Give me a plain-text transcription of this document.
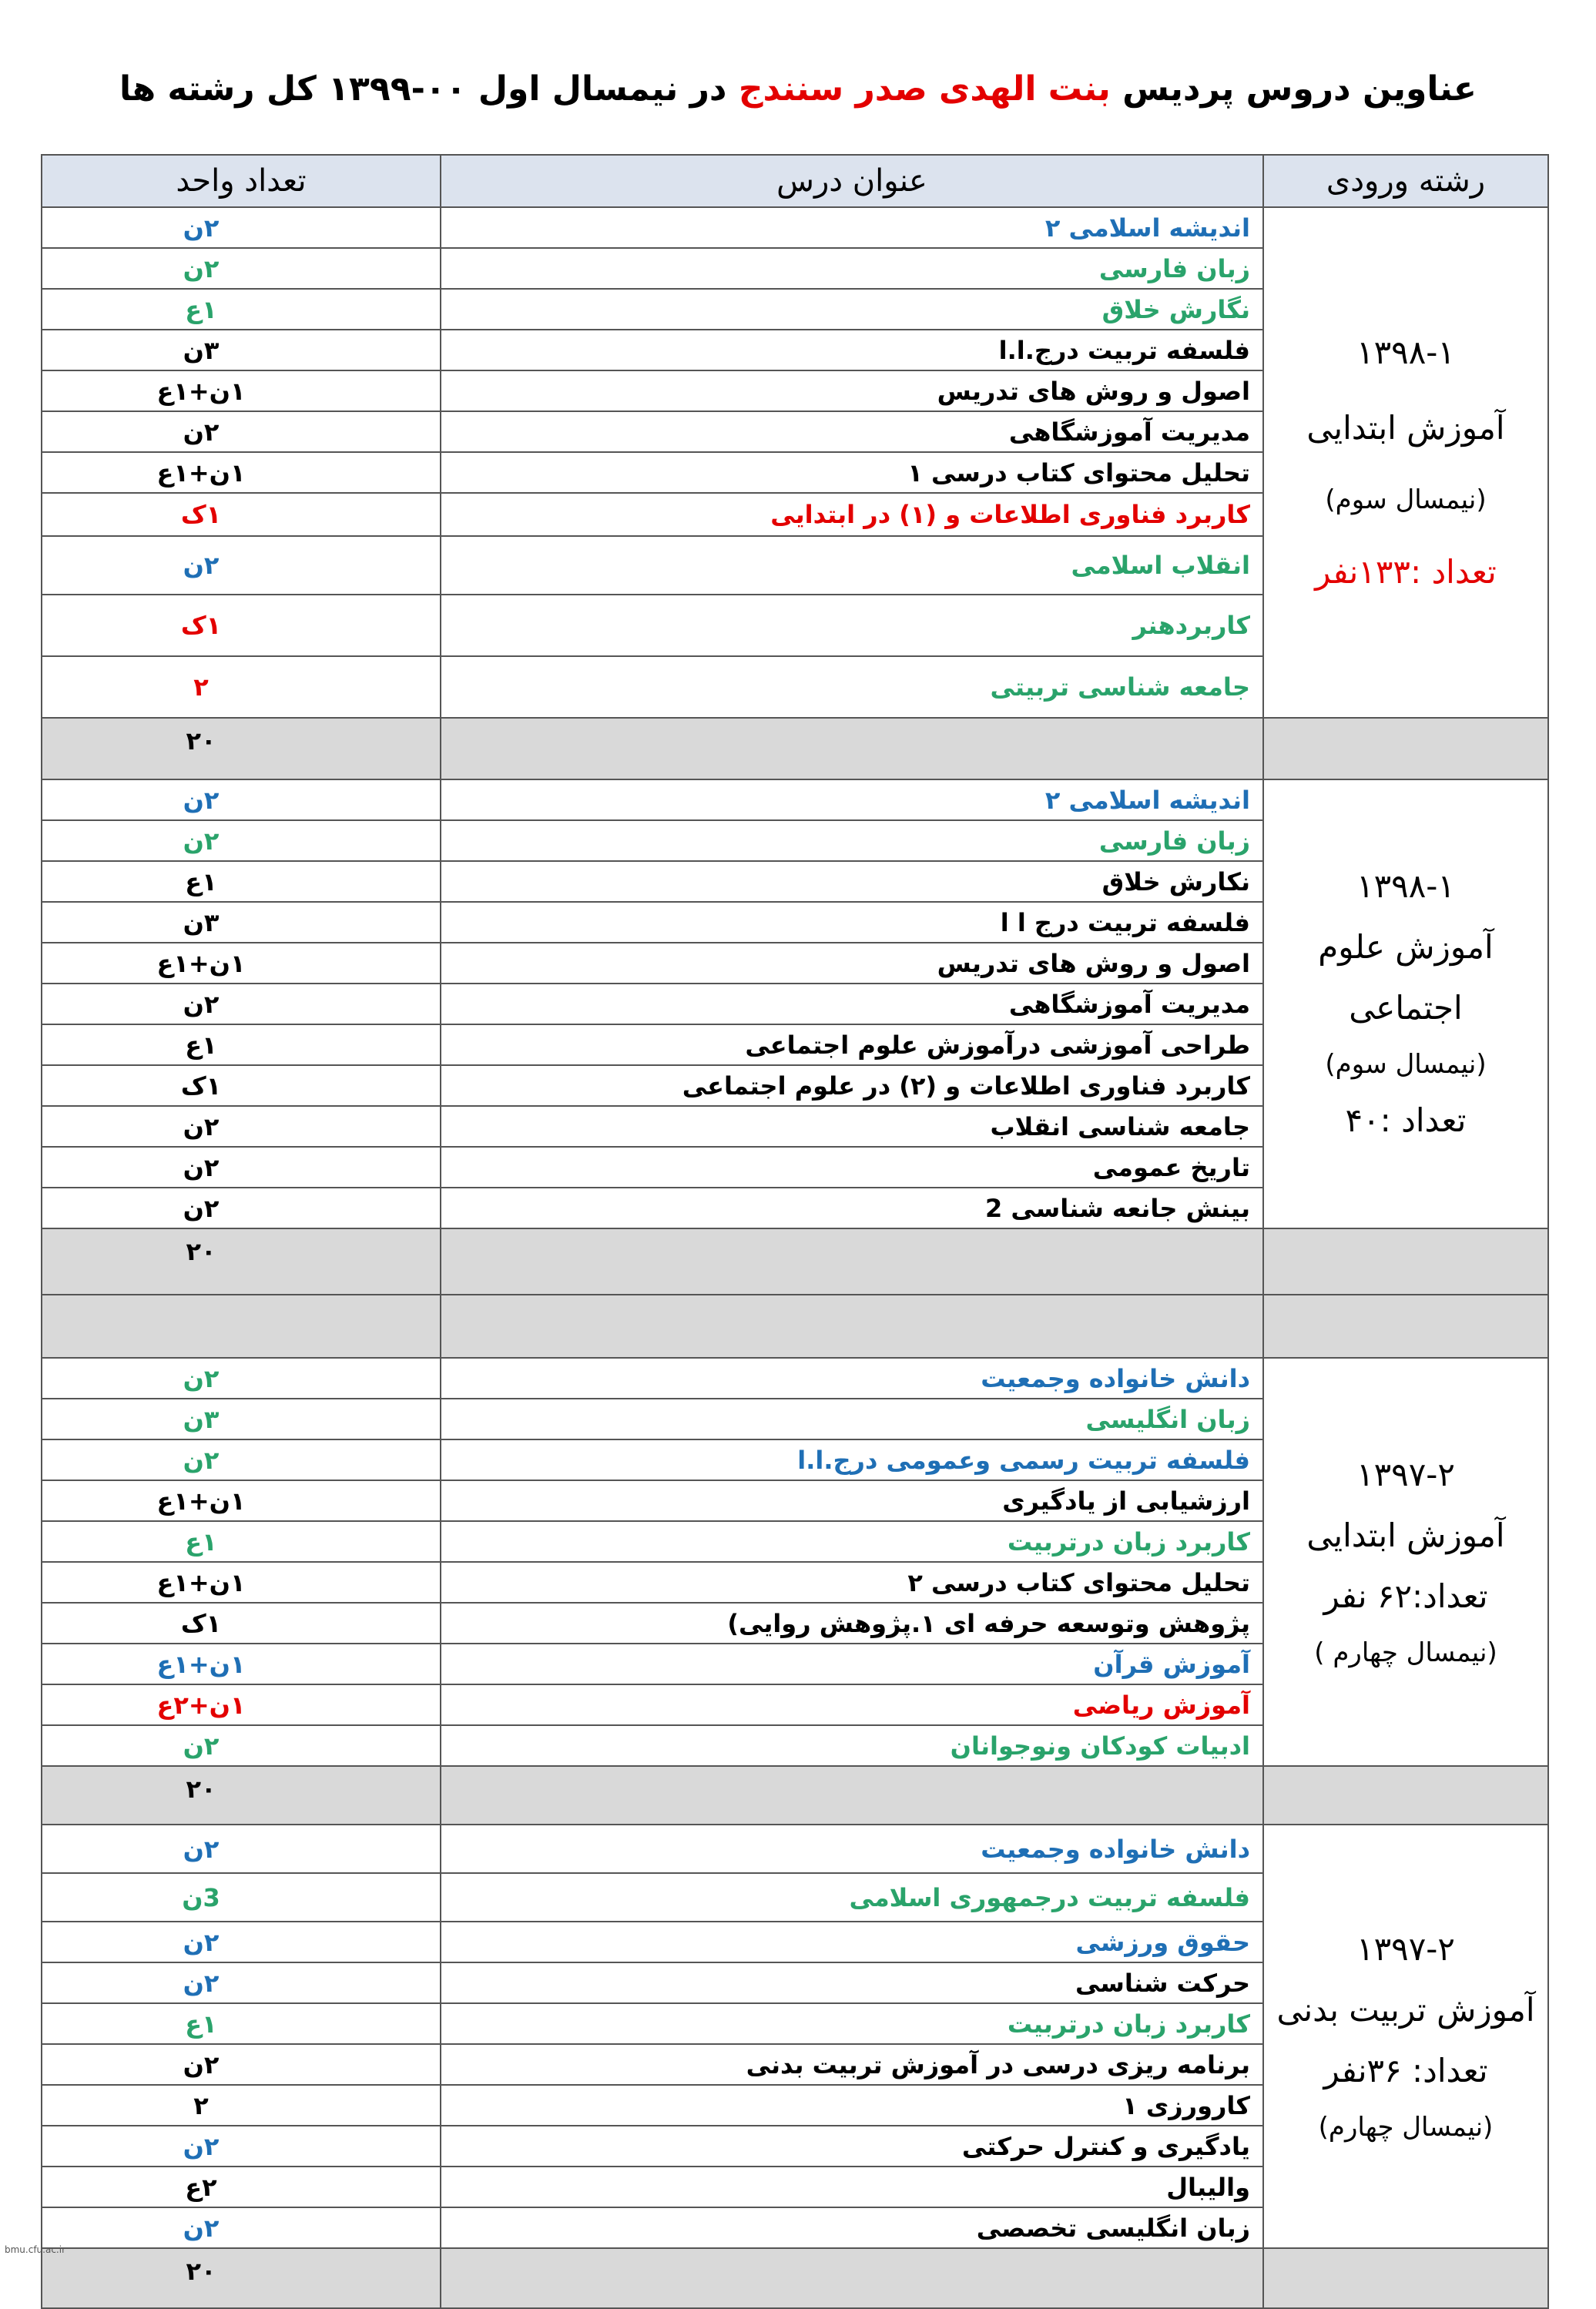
عناوین دروس پردیس بنت الهدی صدر سنندج در نیمسال اول ۰۰-۱۳۹۹ کل رشته ها
رشته ورودی	عنوان درس	تعداد واحد

۱۳۹۸-۱
آموزش ابتدایی
(نیمسال سوم)
تعداد :۱۳۳نفر	اندیشه اسلامی ۲	۲ن
	زبان فارسی	۲ن
	نگارش خلاق	۱ع
	فلسفه تربیت درج.ا.ا	۳ن
	اصول و روش های تدریس	۱ن+۱ع
	مدیریت آموزشگاهی	۲ن
	تحلیل محتوای کتاب درسی ۱	۱ن+۱ع
	کاربرد فناوری اطلاعات و (۱) در ابتدایی	۱ک
	انقلاب اسلامی	۲ن
	کاربردهنر	۱ک
	جامعه شناسی تربیتی	۲
		۲۰

۱۳۹۸-۱
آموزش علوم
اجتماعی
(نیمسال سوم)
تعداد :۴۰	اندیشه اسلامی ۲	۲ن
	زبان فارسی	۲ن
	نکارش خلاق	۱ع
	فلسفه تربیت درج ا ا	۳ن
	اصول و روش های تدریس	۱ن+۱ع
	مدیریت آموزشگاهی	۲ن
	طراحی آموزشی درآموزش علوم اجتماعی	۱ع
	کاربرد فناوری اطلاعات و (۲) در علوم اجتماعی	۱ک
	جامعه شناسی انقلاب	۲ن
	تاریخ عمومی	۲ن
	بینش جانعه شناسی 2	۲ن
		۲۰

۱۳۹۷-۲
آموزش ابتدایی
تعداد:۶۲ نفر
(نیمسال چهارم )	دانش خانواده وجمعیت	۲ن
	زبان انگلیسی	۳ن
	فلسفه تربیت رسمی وعمومی درج.ا.ا	۲ن
	ارزشیابی از یادگیری	۱ن+۱ع
	کاربرد زبان درتربیت	۱ع
	تحلیل محتوای کتاب درسی ۲	۱ن+۱ع
	پژوهش وتوسعه حرفه ای ۱.پژوهش روایی)	۱ک
	آموزش قرآن	۱ن+۱ع
	آموزش ریاضی	۱ن+۲ع
	ادبیات کودکان ونوجوانان	۲ن
		۲۰

۱۳۹۷-۲
آموزش تربیت بدنی
تعداد: ۳۶نفر
(نیمسال چهارم)	دانش خانواده وجمعیت	۲ن
	فلسفه تربیت درجمهوری اسلامی	3ن
	حقوق ورزشی	۲ن
	حرکت شناسی	۲ن
	کاربرد زبان درتربیت	۱ع
	برنامه ریزی درسی در آموزش تربیت بدنی	۲ن
	کارورزی ۱	۲
	یادگیری و کنترل حرکتی	۲ن
	والیبال	۲ع
	زبان انگلیسی تخصصی	۲ن
		۲۰
bmu.cfu.ac.ir
